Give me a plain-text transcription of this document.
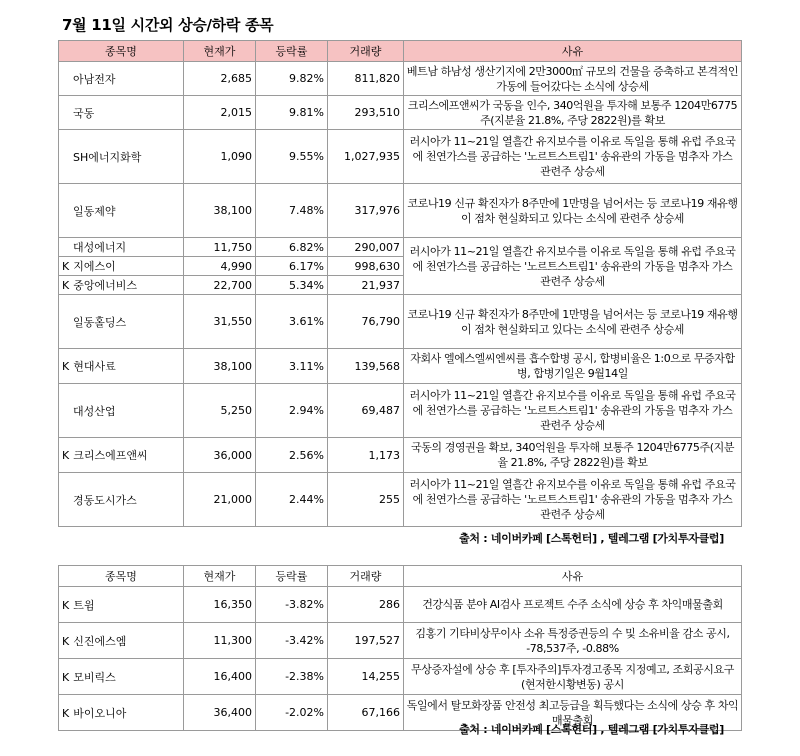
7월 11일 시간외 상승/하락 종목
종목명	현재가	등락률	거래량	사유
아남전자	2,685	9.82%	811,820	베트남 하남성 생산기지에 2만3000㎡ 규모의 건물을 증축하고 본격적인 가동에 들어갔다는 소식에 상승세
국동	2,015	9.81%	293,510	크리스에프앤씨가 국동을 인수, 340억원을 투자해 보통주 1204만6775주(지분율 21.8%, 주당 2822원)를 확보
SH에너지화학	1,090	9.55%	1,027,935	러시아가 11~21일 열흘간 유지보수를 이유로 독일을 통해 유럽 주요국에 천연가스를 공급하는 '노르트스트림1' 송유관의 가동을 멈추자 가스 관련주 상승세
일동제약	38,100	7.48%	317,976	코로나19 신규 확진자가 8주만에 1만명을 넘어서는 등 코로나19 재유행이 점차 현실화되고 있다는 소식에 관련주 상승세
대성에너지	11,750	6.82%	290,007	러시아가 11~21일 열흘간 유지보수를 이유로 독일을 통해 유럽 주요국에 천연가스를 공급하는 '노르트스트림1' 송유관의 가동을 멈추자 가스 관련주 상승세
K 지에스이	4,990	6.17%	998,630	
K 중앙에너비스	22,700	5.34%	21,937	
일동홀딩스	31,550	3.61%	76,790	코로나19 신규 확진자가 8주만에 1만명을 넘어서는 등 코로나19 재유행이 점차 현실화되고 있다는 소식에 관련주 상승세
K 현대사료	38,100	3.11%	139,568	자회사 엘에스엘씨엔씨를 흡수합병 공시, 합병비율은 1:0으로 무증자합병, 합병기일은 9월14일
대성산업	5,250	2.94%	69,487	러시아가 11~21일 열흘간 유지보수를 이유로 독일을 통해 유럽 주요국에 천연가스를 공급하는 '노르트스트림1' 송유관의 가동을 멈추자 가스 관련주 상승세
K 크리스에프앤씨	36,000	2.56%	1,173	국동의 경영권을 확보, 340억원을 투자해 보통주 1204만6775주(지분율 21.8%, 주당 2822원)를 확보
경동도시가스	21,000	2.44%	255	러시아가 11~21일 열흘간 유지보수를 이유로 독일을 통해 유럽 주요국에 천연가스를 공급하는 '노르트스트림1' 송유관의 가동을 멈추자 가스 관련주 상승세
출처 : 네이버카페 [스톡헌터] , 텔레그램 [가치투자클럽]
종목명	현재가	등락률	거래량	사유
K 트윔	16,350	-3.82%	286	건강식품 분야 AI검사 프로젝트 수주 소식에 상승 후 차익매물출회
K 신진에스엠	11,300	-3.42%	197,527	김홍기 기타비상무이사 소유 특정증권등의 수 및 소유비율 감소 공시, -78,537주, -0.88%
K 모비릭스	16,400	-2.38%	14,255	무상증자설에 상승 후 [투자주의]투자경고종목 지정예고, 조회공시요구(현저한시황변동) 공시
K 바이오니아	36,400	-2.02%	67,166	독일에서 탈모화장품 안전성 최고등급을 획득했다는 소식에 상승 후 차익매물출회
출처 : 네이버카페 [스톡헌터] , 텔레그램 [가치투자클럽]
